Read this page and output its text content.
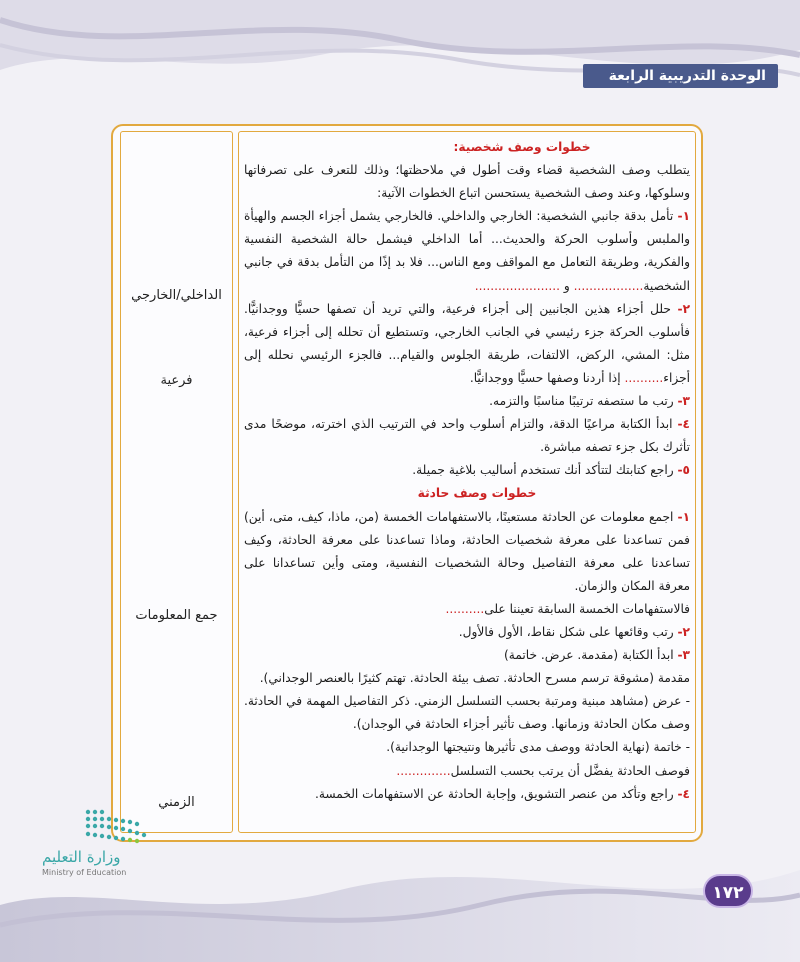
الوحدة التدريبية الرابعة
الداخلي/الخارجي
فرعية
جمع المعلومات
الزمني

خطوات وصف شخصية:

يتطلب وصف الشخصية قضاء وقت أطول في ملاحظتها؛ وذلك للتعرف على تصرفاتها وسلوكها، وعند وصف الشخصية يستحسن اتباع الخطوات الآتية:

١- تأمل بدقة جانبي الشخصية: الخارجي والداخلي. فالخارجي يشمل أجزاء الجسم والهيأة والملبس وأسلوب الحركة والحديث... أما الداخلي فيشمل حالة الشخصية النفسية والفكرية، وطريقة التعامل مع المواقف ومع الناس... فلا بد إذًا من التأمل بدقة في جانبي الشخصية.................. و ......................

٢- حلل أجزاء هذين الجانبين إلى أجزاء فرعية، والتي تريد أن تصفها حسيًّا ووجدانيًّا. فأسلوب الحركة جزء رئيسي في الجانب الخارجي، وتستطيع أن تحلله إلى أجزاء فرعية، مثل: المشي، الركض، الالتفات، طريقة الجلوس والقيام... فالجزء الرئيسي نحلله إلى أجزاء.......... إذا أردنا وصفها حسيًّا ووجدانيًّا.

٣- رتب ما ستصفه ترتيبًا مناسبًا والتزمه.

٤- ابدأ الكتابة مراعيًا الدقة، والتزام أسلوب واحد في الترتيب الذي اخترته، موضحًا مدى تأثرك بكل جزء تصفه مباشرة.

٥- راجع كتابتك لتتأكد أنك تستخدم أساليب بلاغية جميلة.

خطوات وصف حادثة

١- اجمع معلومات عن الحادثة مستعينًا، بالاستفهامات الخمسة (من، ماذا، كيف، متى، أين) فمن تساعدنا على معرفة شخصيات الحادثة، وماذا تساعدنا على معرفة الحادثة، وكيف تساعدنا على معرفة التفاصيل وحالة الشخصيات النفسية، ومتى وأين تساعدانا على معرفة المكان والزمان.

فالاستفهامات الخمسة السابقة تعيننا على..........

٢- رتب وقائعها على شكل نقاط، الأول فالأول.

٣- ابدأ الكتابة (مقدمة. عرض. خاتمة)

مقدمة (مشوقة ترسم مسرح الحادثة. تصف بيئة الحادثة. تهتم كثيرًا بالعنصر الوجداني).

- عرض (مشاهد مبنية ومرتبة بحسب التسلسل الزمني. ذكر التفاصيل المهمة في الحادثة. وصف مكان الحادثة وزمانها. وصف تأثير أجزاء الحادثة في الوجدان).

- خاتمة (نهاية الحادثة ووصف مدى تأثيرها ونتيجتها الوجدانية).

فوصف الحادثة يفضَّل أن يرتب بحسب التسلسل..............

٤- راجع وتأكد من عنصر التشويق، وإجابة الحادثة عن الاستفهامات الخمسة.

وزارة التعليم
Ministry of Education
١٧٢
